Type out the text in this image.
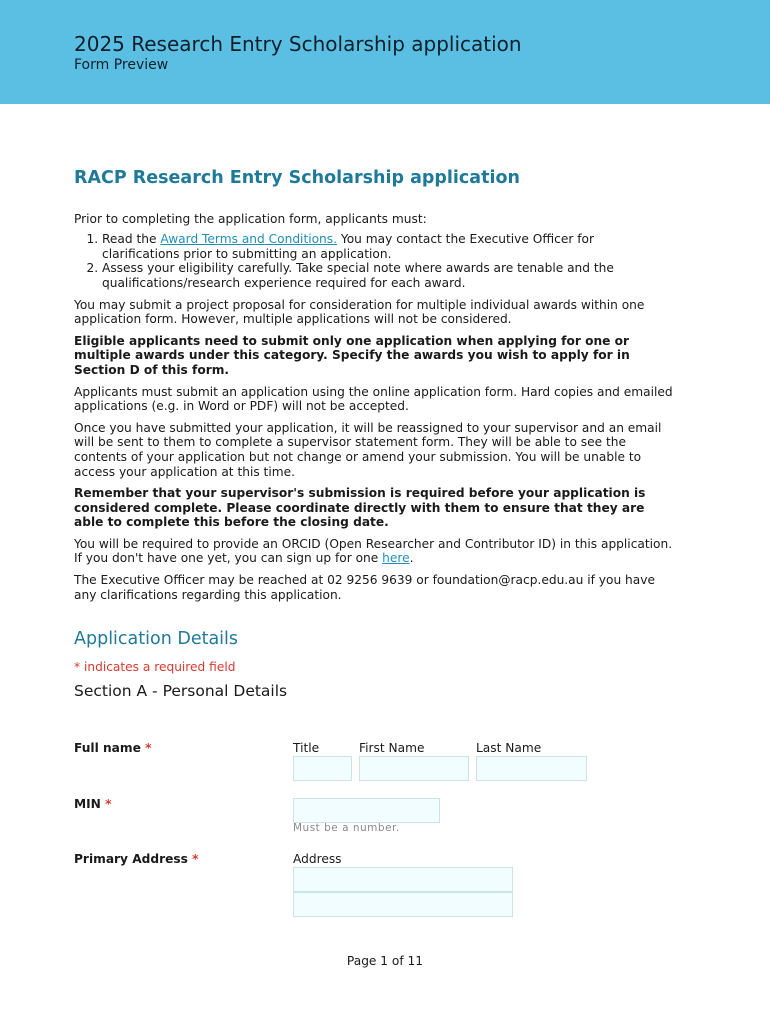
2025 Research Entry Scholarship application
Form Preview
RACP Research Entry Scholarship application

Prior to completing the application form, applicants must:

1. Read the Award Terms and Conditions. You may contact the Executive Officer for clarifications prior to submitting an application.
2. Assess your eligibility carefully. Take special note where awards are tenable and the qualifications/research experience required for each award.

You may submit a project proposal for consideration for multiple individual awards within one application form. However, multiple applications will not be considered.

Eligible applicants need to submit only one application when applying for one or multiple awards under this category. Specify the awards you wish to apply for in Section D of this form.

Applicants must submit an application using the online application form. Hard copies and emailed applications (e.g. in Word or PDF) will not be accepted.

Once you have submitted your application, it will be reassigned to your supervisor and an email will be sent to them to complete a supervisor statement form. They will be able to see the contents of your application but not change or amend your submission. You will be unable to access your application at this time.

Remember that your supervisor's submission is required before your application is considered complete. Please coordinate directly with them to ensure that they are able to complete this before the closing date.

You will be required to provide an ORCID (Open Researcher and Contributor ID) in this application. If you don't have one yet, you can sign up for one here.

The Executive Officer may be reached at 02 9256 9639 or foundation@racp.edu.au if you have any clarifications regarding this application.

Application Details
* indicates a required field
Section A - Personal Details
Full name *	Title	First Name	Last Name
MIN *
Must be a number.
Primary Address *	Address
Page 1 of 11
